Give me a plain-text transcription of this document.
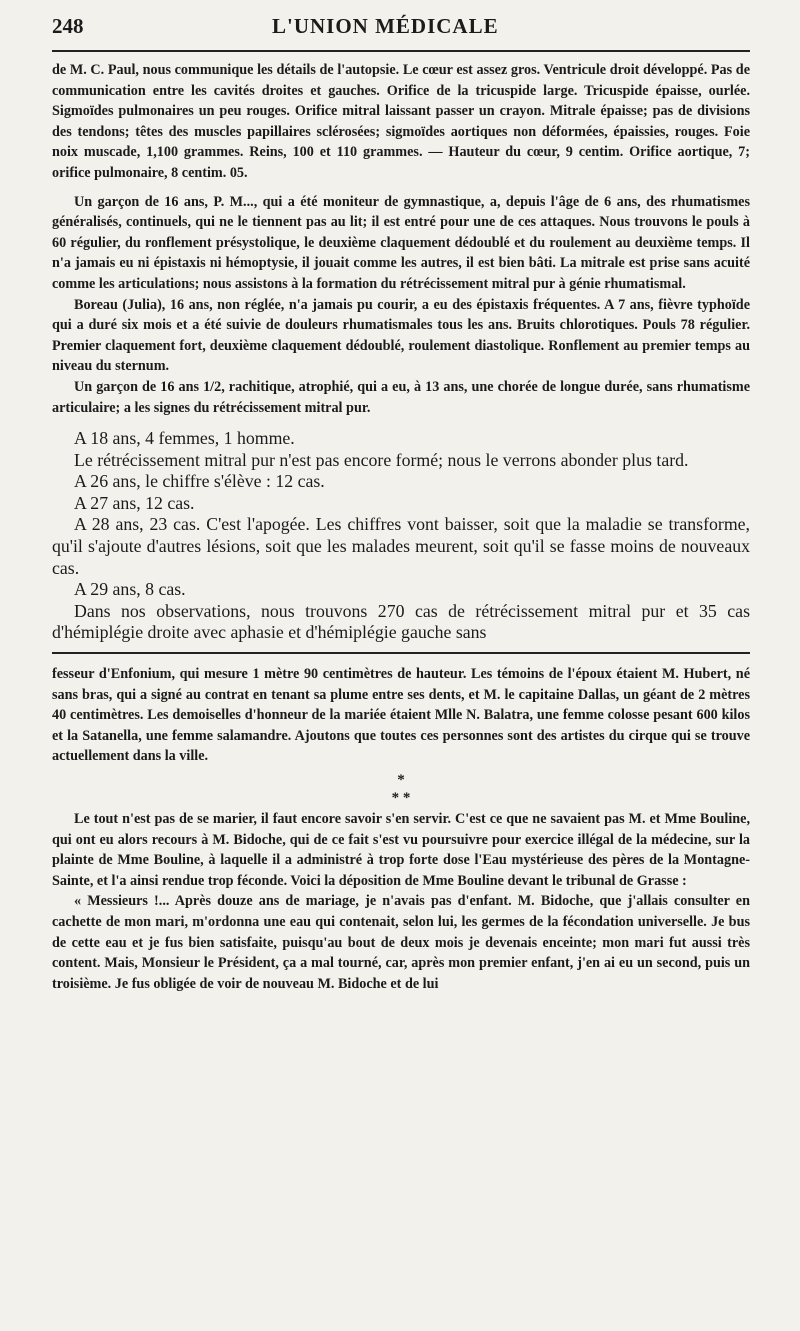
248	L'UNION MÉDICALE

de M. C. Paul, nous communique les détails de l'autopsie. Le cœur est assez gros. Ventricule droit développé. Pas de communication entre les cavités droites et gauches. Orifice de la tricuspide large. Tricuspide épaisse, ourlée. Sigmoïdes pulmonaires un peu rouges. Orifice mitral laissant passer un crayon. Mitrale épaisse; pas de divisions des tendons; têtes des muscles papillaires sclérosées; sigmoïdes aortiques non déformées, épaissies, rouges. Foie noix muscade, 1,100 grammes. Reins, 100 et 110 grammes. — Hauteur du cœur, 9 centim. Orifice aortique, 7; orifice pulmonaire, 8 centim. 05.

Un garçon de 16 ans, P. M..., qui a été moniteur de gymnastique, a, depuis l'âge de 6 ans, des rhumatismes généralisés, continuels, qui ne le tiennent pas au lit; il est entré pour une de ces attaques. Nous trouvons le pouls à 60 régulier, du ronflement présystolique, le deuxième claquement dédoublé et du roulement au deuxième temps. Il n'a jamais eu ni épistaxis ni hémoptysie, il jouait comme les autres, il est bien bâti. La mitrale est prise sans acuité comme les articulations; nous assistons à la formation du rétrécissement mitral pur à génie rhumatismal.

Boreau (Julia), 16 ans, non réglée, n'a jamais pu courir, a eu des épistaxis fréquentes. A 7 ans, fièvre typhoïde qui a duré six mois et a été suivie de douleurs rhumatismales tous les ans. Bruits chlorotiques. Pouls 78 régulier. Premier claquement fort, deuxième claquement dédoublé, roulement diastolique. Ronflement au premier temps au niveau du sternum.

Un garçon de 16 ans 1/2, rachitique, atrophié, qui a eu, à 13 ans, une chorée de longue durée, sans rhumatisme articulaire; a les signes du rétrécissement mitral pur.

A 18 ans, 4 femmes, 1 homme.

Le rétrécissement mitral pur n'est pas encore formé; nous le verrons abonder plus tard.

A 26 ans, le chiffre s'élève : 12 cas.

A 27 ans, 12 cas.

A 28 ans, 23 cas. C'est l'apogée. Les chiffres vont baisser, soit que la maladie se transforme, qu'il s'ajoute d'autres lésions, soit que les malades meurent, soit qu'il se fasse moins de nouveaux cas.

A 29 ans, 8 cas.

Dans nos observations, nous trouvons 270 cas de rétrécissement mitral pur et 35 cas d'hémiplégie droite avec aphasie et d'hémiplégie gauche sans

fesseur d'Enfonium, qui mesure 1 mètre 90 centimètres de hauteur. Les témoins de l'époux étaient M. Hubert, né sans bras, qui a signé au contrat en tenant sa plume entre ses dents, et M. le capitaine Dallas, un géant de 2 mètres 40 centimètres. Les demoiselles d'honneur de la mariée étaient Mlle N. Balatra, une femme colosse pesant 600 kilos et la Satanella, une femme salamandre. Ajoutons que toutes ces personnes sont des artistes du cirque qui se trouve actuellement dans la ville.

*
* *

Le tout n'est pas de se marier, il faut encore savoir s'en servir. C'est ce que ne savaient pas M. et Mme Bouline, qui ont eu alors recours à M. Bidoche, qui de ce fait s'est vu poursuivre pour exercice illégal de la médecine, sur la plainte de Mme Bouline, à laquelle il a administré à trop forte dose l'Eau mystérieuse des pères de la Montagne-Sainte, et l'a ainsi rendue trop féconde. Voici la déposition de Mme Bouline devant le tribunal de Grasse :

« Messieurs !... Après douze ans de mariage, je n'avais pas d'enfant. M. Bidoche, que j'allais consulter en cachette de mon mari, m'ordonna une eau qui contenait, selon lui, les germes de la fécondation universelle. Je bus de cette eau et je fus bien satisfaite, puisqu'au bout de deux mois je devenais enceinte; mon mari fut aussi très content. Mais, Monsieur le Président, ça a mal tourné, car, après mon premier enfant, j'en ai eu un second, puis un troisième. Je fus obligée de voir de nouveau M. Bidoche et de lui
